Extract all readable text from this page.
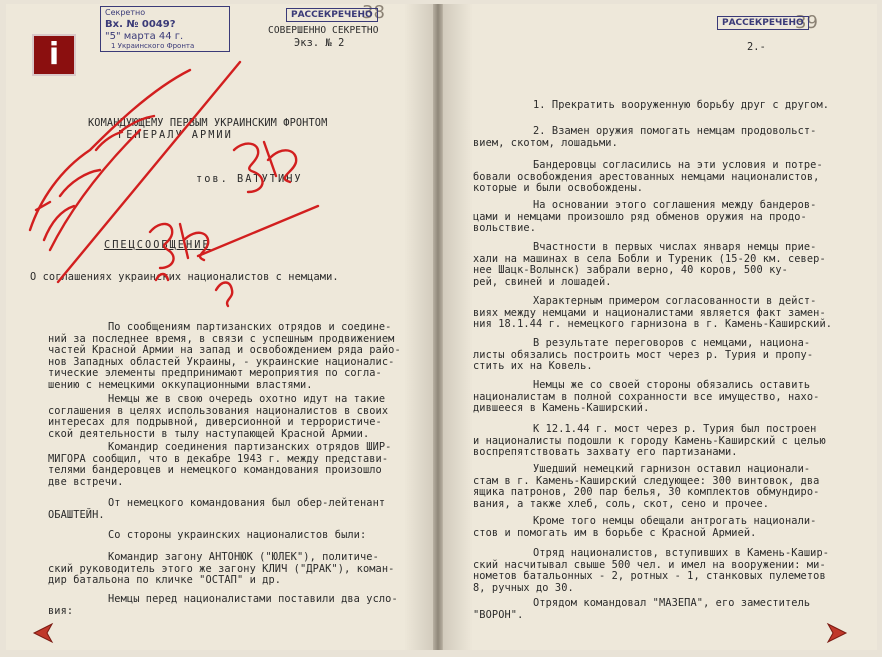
38
Секретно
Вх. № 0049?
"5" марта 44 г.
1 Украинского Фронта
РАССЕКРЕЧЕНО
СОВЕРШЕННО СЕКРЕТНО
Экз. № 2
КОМАНДУЮЩЕМУ ПЕРВЫМ УКРАИНСКИМ ФРОНТОМ
ГЕНЕРАЛУ АРМИИ
тов. ВАТУТИНУ
СПЕЦСООБЩЕНИЕ
О соглашениях украинских националистов с немцами.
По сообщениям партизанских отрядов и соедине-
ний за последнее время, в связи с успешным продвижением
частей Красной Армии на запад и освобождением ряда райо-
нов Западных областей Украины, - украинские националис-
тические элементы предпринимают мероприятия по согла-
шению с немецкими оккупационными властями.
Немцы же в свою очередь охотно идут на такие
соглашения в целях использования националистов в своих
интересах для подрывной, диверсионной и террористиче-
ской деятельности в тылу наступающей Красной Армии.
Командир соединения партизанских отрядов ШИР-
МИГОРА сообщил, что в декабре 1943 г. между представи-
телями бандеровцев и немецкого командования произошло
две встречи.
От немецкого командования был обер-лейтенант
ОБАШТЕЙН.
Со стороны украинских националистов были:
Командир загону АНТОНЮК ("ЮЛЕК"), политиче-
ский руководитель этого же загону КЛИЧ ("ДРАК"), коман-
дир батальона по кличке "ОСТАП" и др.
Немцы перед националистами поставили два усло-
вия:
39
РАССЕКРЕЧЕНО
2.-
1. Прекратить вооруженную борьбу друг с другом.
2. Взамен оружия помогать немцам продовольст-
вием, скотом, лошадьми.
Бандеровцы согласились на эти условия и потре-
бовали освобождения арестованных немцами националистов,
которые и были освобождены.
На основании этого соглашения между бандеров-
цами и немцами произошло ряд обменов оружия на продо-
вольствие.
Вчастности в первых числах января немцы прие-
хали на машинах в села Бобли и Туреник (15-20 км. север-
нее Шацк-Волынск) забрали верно, 40 коров, 500 ку-
рей, свиней и лошадей.
Характерным примером согласованности в дейст-
виях между немцами и националистами является факт замен-
ния 18.1.44 г. немецкого гарнизона в г. Камень-Каширский.
В результате переговоров с немцами, национа-
листы обязались построить мост через р. Турия и пропу-
стить их на Ковель.
Немцы же со своей стороны обязались оставить
националистам в полной сохранности все имущество, нахо-
дившееся в Камень-Каширский.
К 12.1.44 г. мост через р. Турия был построен
и националисты подошли к городу Камень-Каширский с целью
воспрепятствовать захвату его партизанами.
Ушедший немецкий гарнизон оставил национали-
стам в г. Камень-Каширский следующее: 300 винтовок, два
ящика патронов, 200 пар белья, 30 комплектов обмундиро-
вания, а также хлеб, соль, скот, сено и прочее.
Кроме того немцы обещали антрогать национали-
стов и помогать им в борьбе с Красной Армией.
Отряд националистов, вступивших в Камень-Кашир-
ский насчитывал свыше 500 чел. и имел на вооружении: ми-
нометов батальонных - 2, ротных - 1, станковых пулеметов
8, ручных до 30.
Отрядом командовал "МАЗЕПА", его заместитель
"ВОРОН".
i
